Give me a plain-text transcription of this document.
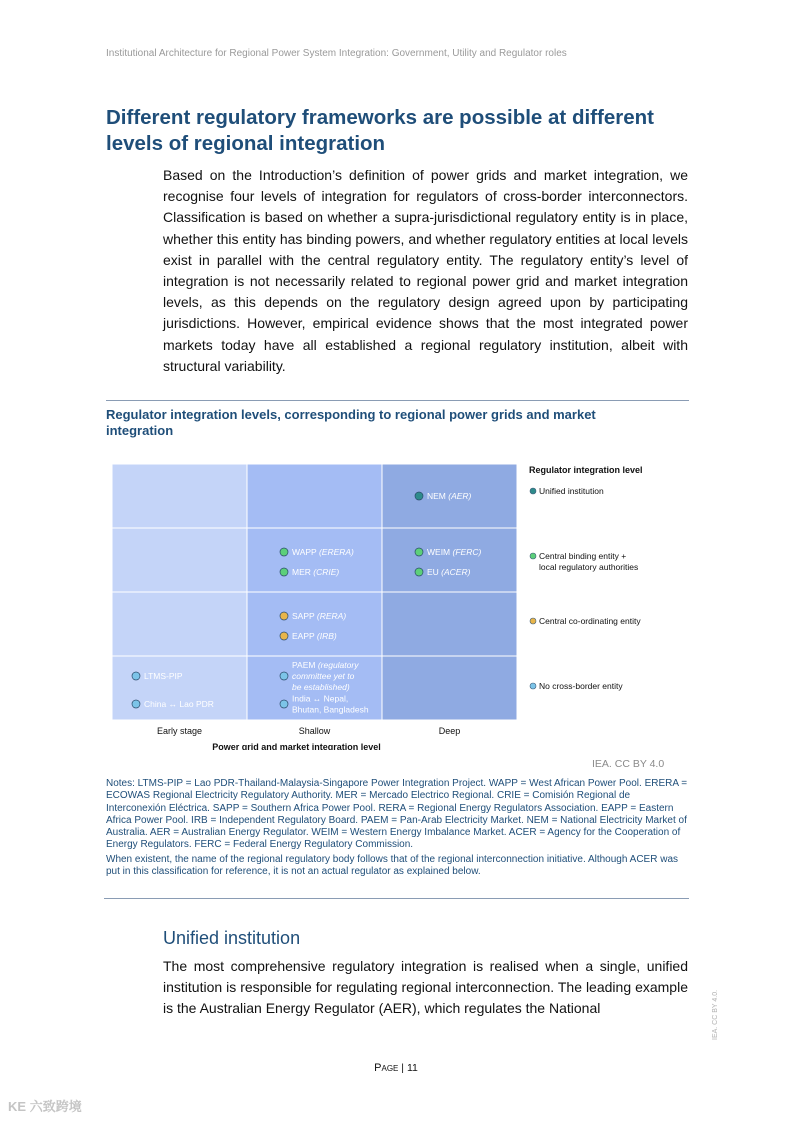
Institutional Architecture for Regional Power System Integration: Government, Utility and Regulator roles
Different regulatory frameworks are possible at different levels of regional integration
Based on the Introduction’s definition of power grids and market integration, we recognise four levels of integration for regulators of cross-border interconnectors. Classification is based on whether a supra-jurisdictional regulatory entity is in place, whether this entity has binding powers, and whether regulatory entities at local levels exist in parallel with the central regulatory entity. The regulatory entity’s level of integration is not necessarily related to regional power grid and market integration levels, as this depends on the regulatory design agreed upon by participating jurisdictions. However, empirical evidence shows that the most integrated power markets today have all established a regional regulatory institution, albeit with structural variability.
Regulator integration levels, corresponding to regional power grids and market integration
Early stage	Shallow	Deep
Power grid and market integration level
Regulator integration level
Unified institution
Central binding entity +
local regulatory authorities
Central co-ordinating entity
No cross-border entity
NEM (AER)
WAPP (ERERA)
MER (CRIE)
WEIM (FERC)
EU (ACER)
SAPP (RERA)
EAPP (IRB)
LTMS-PIP
China ↔ Lao PDR
PAEM (regulatory
committee yet to
be established)
India ↔ Nepal,
Bhutan, Bangladesh
IEA. CC BY 4.0

Notes: LTMS-PIP = Lao PDR-Thailand-Malaysia-Singapore Power Integration Project. WAPP = West African Power Pool. ERERA = ECOWAS Regional Electricity Regulatory Authority. MER = Mercado Electrico Regional. CRIE = Comisión Regional de Interconexión Eléctrica. SAPP = Southern Africa Power Pool. RERA = Regional Energy Regulators Association. EAPP = Eastern Africa Power Pool. IRB = Independent Regulatory Board. PAEM = Pan-Arab Electricity Market. NEM = National Electricity Market of Australia. AER = Australian Energy Regulator. WEIM = Western Energy Imbalance Market. ACER = Agency for the Cooperation of Energy Regulators. FERC = Federal Energy Regulatory Commission.

When existent, the name of the regional regulatory body follows that of the regional interconnection initiative. Although ACER was put in this classification for reference, it is not an actual regulator as explained below.

Unified institution
The most comprehensive regulatory integration is realised when a single, unified institution is responsible for regulating regional interconnection. The leading example is the Australian Energy Regulator (AER), which regulates the National
Page | 11
IEA. CC BY 4.0.
KE 六致跨境
